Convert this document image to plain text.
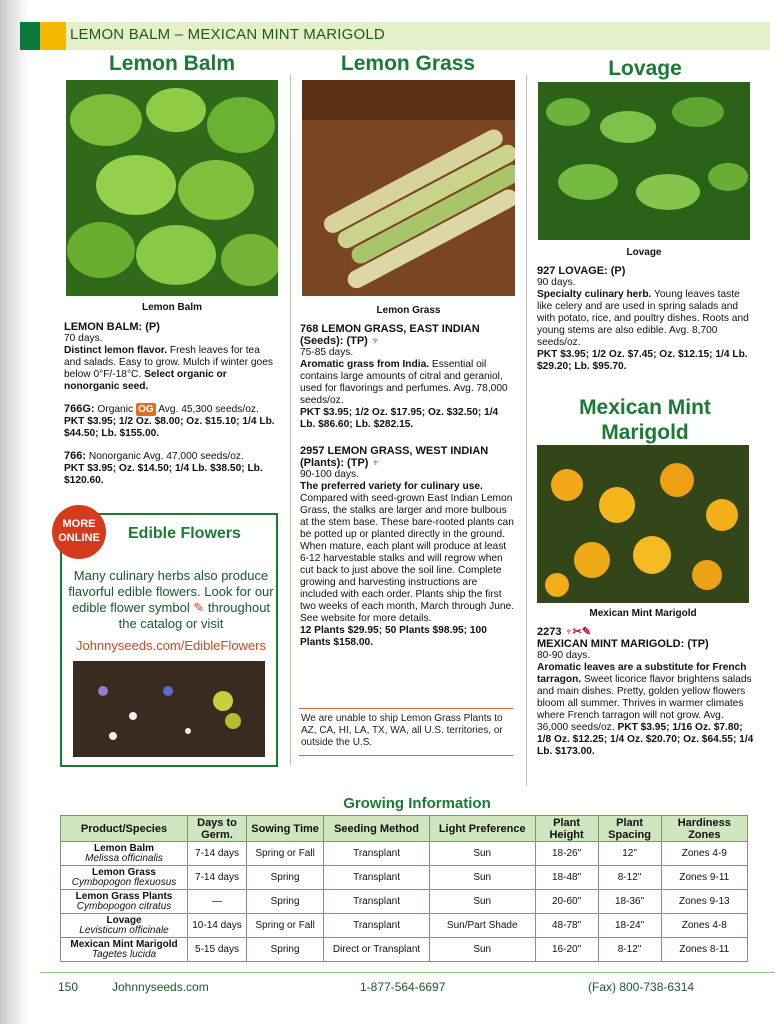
LEMON BALM – MEXICAN MINT MARIGOLD
Lemon Balm
Lemon Balm
LEMON BALM: (P)
70 days.
Distinct lemon flavor. Fresh leaves for tea and salads. Easy to grow. Mulch if winter goes below 0°F/-18°C. Select organic or nonorganic seed.
766G: Organic OG Avg. 45,300 seeds/oz.
PKT $3.95; 1/2 Oz. $8.00; Oz. $15.10; 1/4 Lb. $44.50; Lb. $155.00.
766: Nonorganic Avg. 47,000 seeds/oz.
PKT $3.95; Oz. $14.50; 1/4 Lb. $38.50; Lb. $120.60.
MORE
ONLINE	Edible Flowers
Many culinary herbs also produce flavorful edible flowers. Look for our edible flower symbol ✎ throughout the catalog or visit
Johnnyseeds.com/EdibleFlowers
Lemon Grass
Lemon Grass
768 LEMON GRASS, EAST INDIAN (Seeds): (TP) ♆
75-85 days.
Aromatic grass from India. Essential oil contains large amounts of citral and geraniol, used for flavorings and perfumes. Avg. 78,000 seeds/oz.
PKT $3.95; 1/2 Oz. $17.95; Oz. $32.50; 1/4 Lb. $86.60; Lb. $282.15.
2957 LEMON GRASS, WEST INDIAN (Plants): (TP) ♆
90-100 days.
The preferred variety for culinary use. Compared with seed-grown East Indian Lemon Grass, the stalks are larger and more bulbous at the stem base. These bare-rooted plants can be potted up or planted directly in the ground. When mature, each plant will produce at least 6-12 harvestable stalks and will regrow when cut back to just above the soil line. Complete growing and harvesting instructions are included with each order. Plants ship the first two weeks of each month, March through June. See website for more details.
12 Plants $29.95; 50 Plants $98.95; 100 Plants $158.00.
We are unable to ship Lemon Grass Plants to AZ, CA, HI, LA, TX, WA, all U.S. territories, or outside the U.S.
Lovage
Lovage
927 LOVAGE: (P)
90 days.
Specialty culinary herb. Young leaves taste like celery and are used in spring salads and with potato, rice, and poultry dishes. Roots and young stems are also edible. Avg. 8,700 seeds/oz.
PKT $3.95; 1/2 Oz. $7.45; Oz. $12.15; 1/4 Lb. $29.20; Lb. $95.70.
Mexican Mint
Marigold
Mexican Mint Marigold
2273 ♆✂✎
MEXICAN MINT MARIGOLD: (TP)
80-90 days.
Aromatic leaves are a substitute for French tarragon. Sweet licorice flavor brightens salads and main dishes. Pretty, golden yellow flowers bloom all summer. Thrives in warmer climates where French tarragon will not grow. Avg. 36,000 seeds/oz. PKT $3.95; 1/16 Oz. $7.80; 1/8 Oz. $12.25; 1/4 Oz. $20.70; Oz. $64.55; 1/4 Lb. $173.00.
Growing Information
Product/Species	Days to Germ.	Sowing Time	Seeding Method	Light Preference	Plant Height	Plant Spacing	Hardiness Zones
Lemon Balm
Melissa officinalis	7-14 days	Spring or Fall	Transplant	Sun	18-26"	12"	Zones 4-9
Lemon Grass
Cymbopogon flexuosus	7-14 days	Spring	Transplant	Sun	18-48"	8-12"	Zones 9-11
Lemon Grass Plants
Cymbopogon citratus	—	Spring	Transplant	Sun	20-60"	18-36"	Zones 9-13
Lovage
Levisticum officinale	10-14 days	Spring or Fall	Transplant	Sun/Part Shade	48-78"	18-24"	Zones 4-8
Mexican Mint Marigold
Tagetes lucida	5-15 days	Spring	Direct or Transplant	Sun	16-20"	8-12"	Zones 8-11
150	Johnnyseeds.com	1-877-564-6697	(Fax) 800-738-6314
